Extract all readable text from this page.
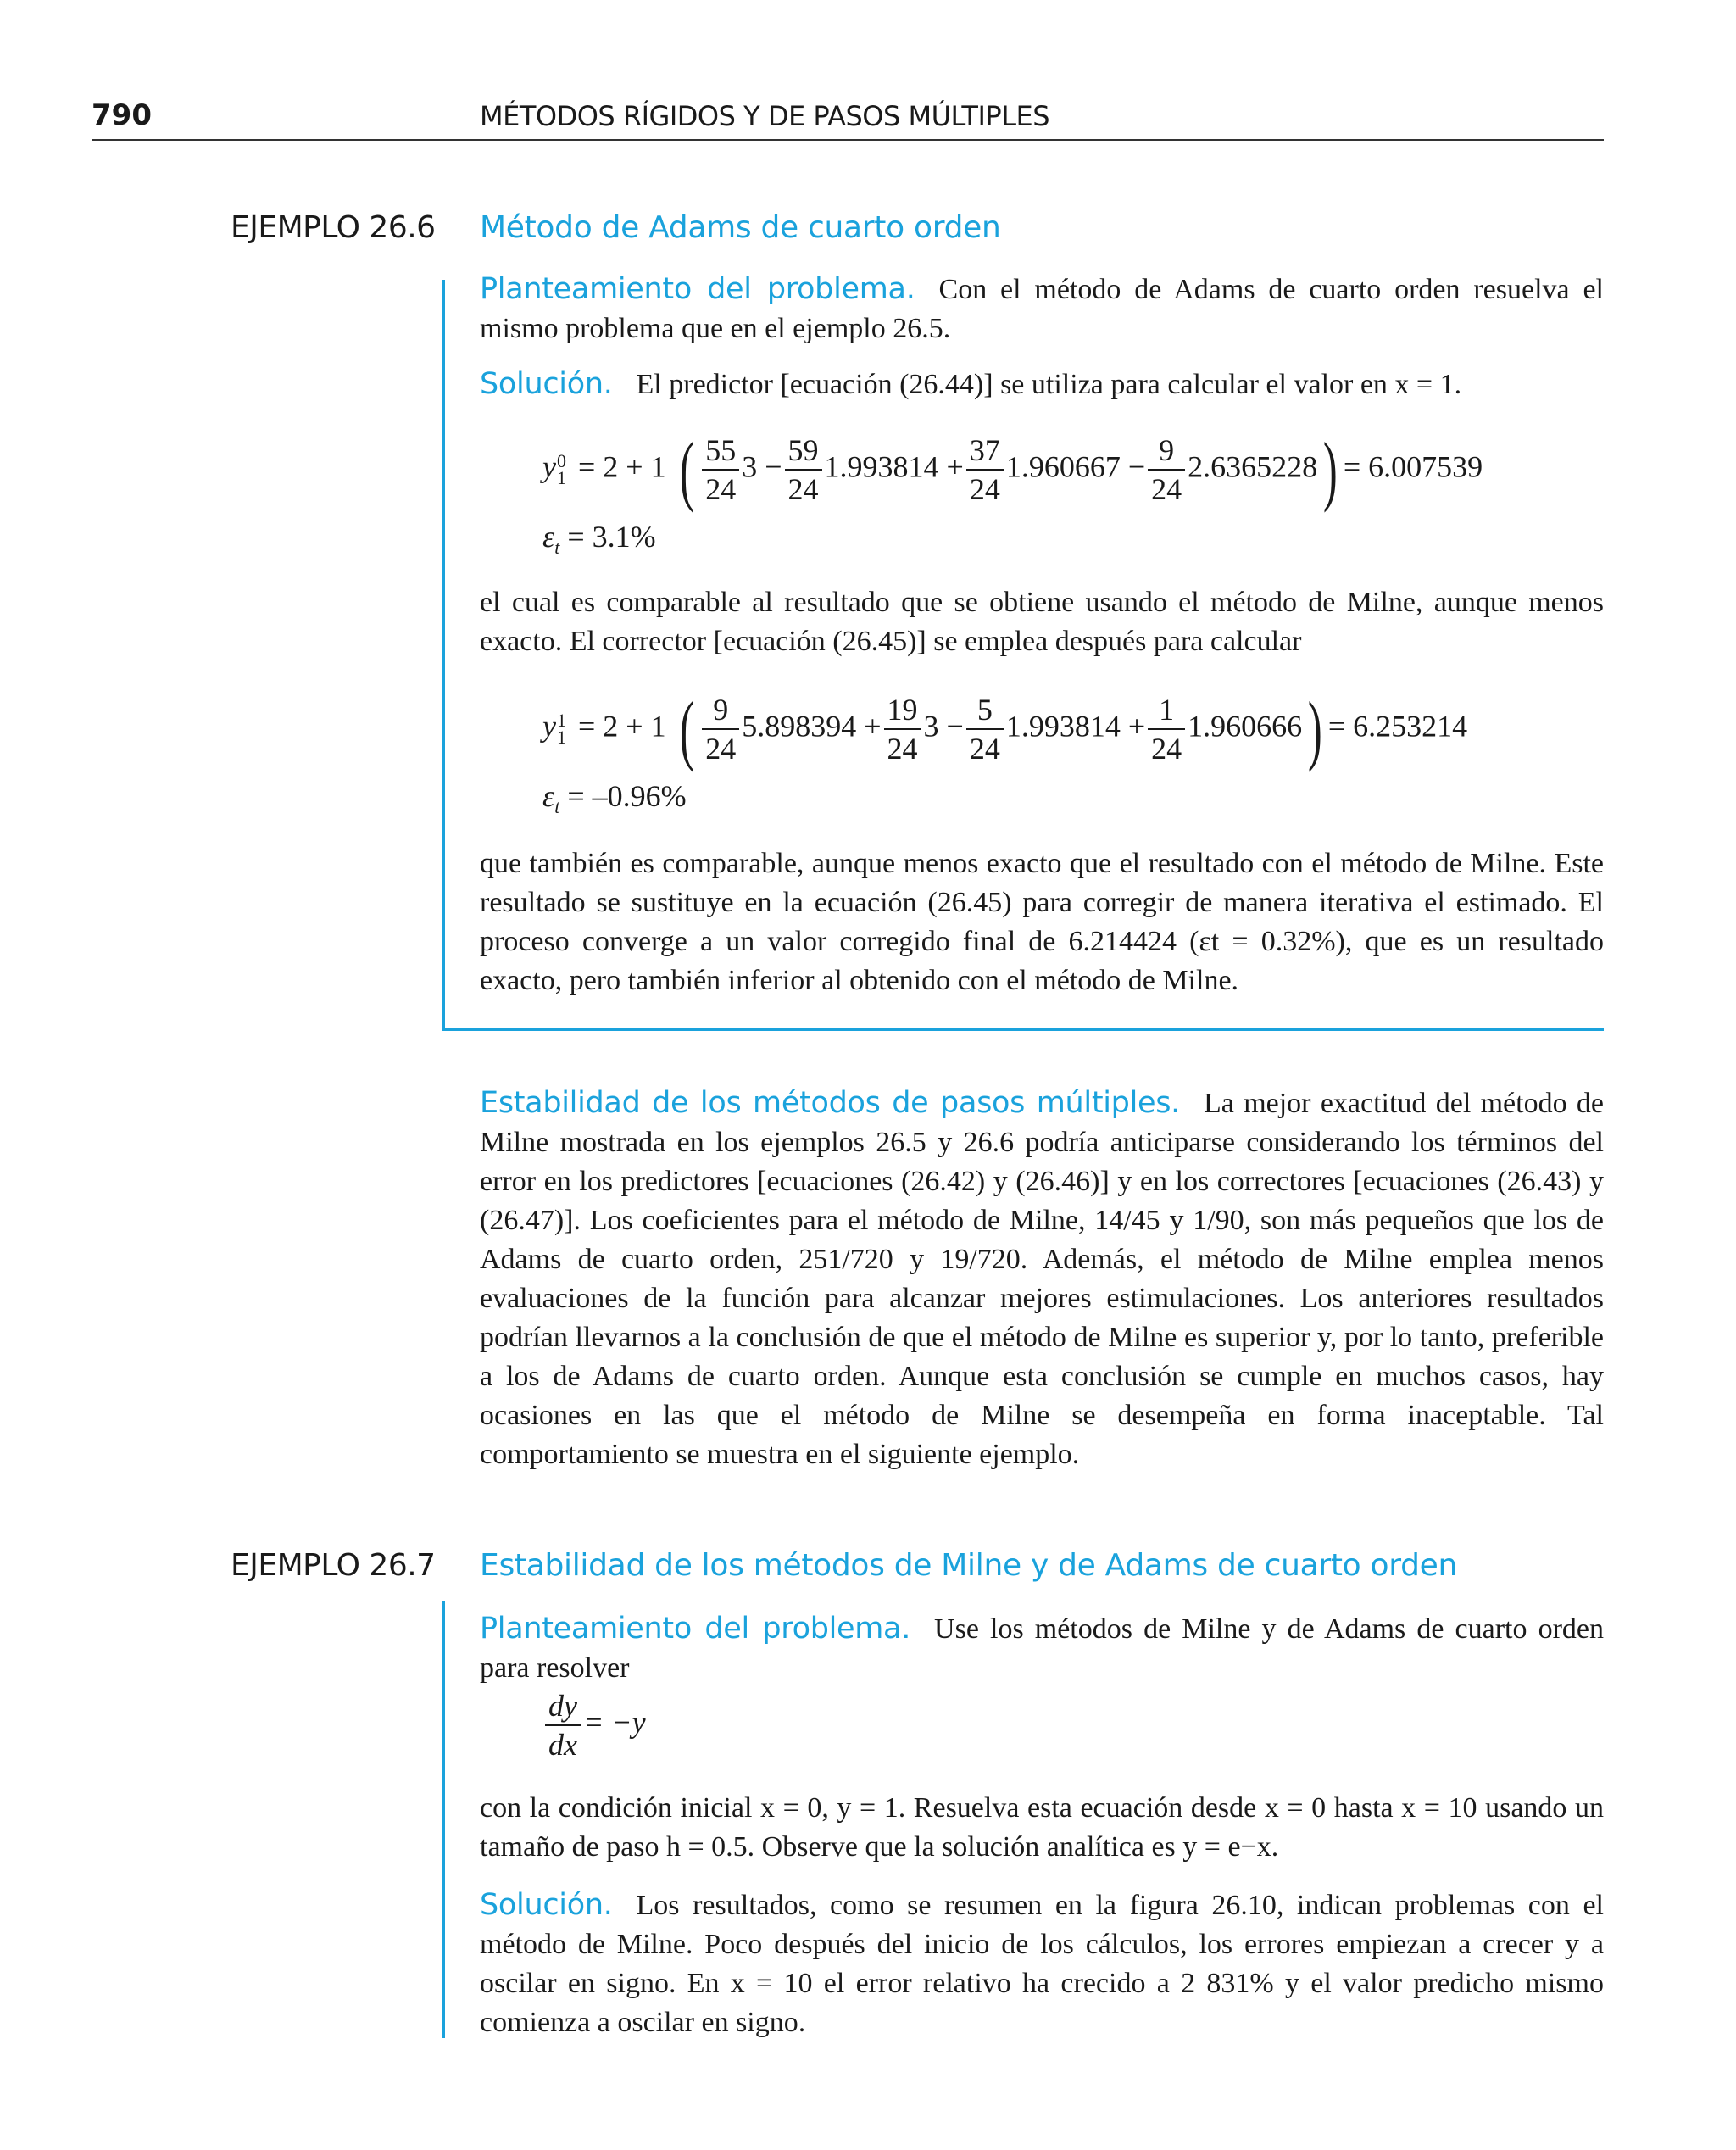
790	MÉTODOS RÍGIDOS Y DE PASOS MÚLTIPLES
EJEMPLO 26.6 Método de Adams de cuarto orden
Planteamiento del problema. Con el método de Adams de cuarto orden resuelva el mismo problema que en el ejemplo 26.5.
Solución. El predictor [ecuación (26.44)] se utiliza para calcular el valor en x = 1.
y 0
1 = 2 + 1 ( $\frac{55}{24} 3 - \frac{59}{24} 1.993814 + \frac{37}{24} 1.960667 - \frac{9}{24} 2.6365228) = 6.007539$
$\varepsilon_t = 3.1\%$
el cual es comparable al resultado que se obtiene usando el método de Milne, aunque menos exacto. El corrector [ecuación (26.45)] se emplea después para calcular
y 1
1 = 2 + 1 ( $\frac{9}{24} 5.898394 + \frac{19}{24} 3 - \frac{5}{24} 1.993814 + \frac{1}{24} 1.960666) = 6.253214$
$\varepsilon_t = -0.96\%$
que también es comparable, aunque menos exacto que el resultado con el método de Milne. Este resultado se sustituye en la ecuación (26.45) para corregir de manera iterativa el estimado. El proceso converge a un valor corregido final de 6.214424 (εt = 0.32%), que es un resultado exacto, pero también inferior al obtenido con el método de Milne.
Estabilidad de los métodos de pasos múltiples. La mejor exactitud del método de Milne mostrada en los ejemplos 26.5 y 26.6 podría anticiparse considerando los términos del error en los predictores [ecuaciones (26.42) y (26.46)] y en los correctores [ecuaciones (26.43) y (26.47)]. Los coeficientes para el método de Milne, 14/45 y 1/90, son más pequeños que los de Adams de cuarto orden, 251/720 y 19/720. Además, el método de Milne emplea menos evaluaciones de la función para alcanzar mejores estimulaciones. Los anteriores resultados podrían llevarnos a la conclusión de que el método de Milne es superior y, por lo tanto, preferible a los de Adams de cuarto orden. Aunque esta conclusión se cumple en muchos casos, hay ocasiones en las que el método de Milne se desempeña en forma inaceptable. Tal comportamiento se muestra en el siguiente ejemplo.
EJEMPLO 26.7 Estabilidad de los métodos de Milne y de Adams de cuarto orden
Planteamiento del problema. Use los métodos de Milne y de Adams de cuarto orden para resolver
$\frac{dy}{dx} = -y$
con la condición inicial x = 0, y = 1. Resuelva esta ecuación desde x = 0 hasta x = 10 usando un tamaño de paso h = 0.5. Observe que la solución analítica es y = e−x.
Solución. Los resultados, como se resumen en la figura 26.10, indican problemas con el método de Milne. Poco después del inicio de los cálculos, los errores empiezan a crecer y a oscilar en signo. En x = 10 el error relativo ha crecido a 2 831% y el valor predicho mismo comienza a oscilar en signo.
